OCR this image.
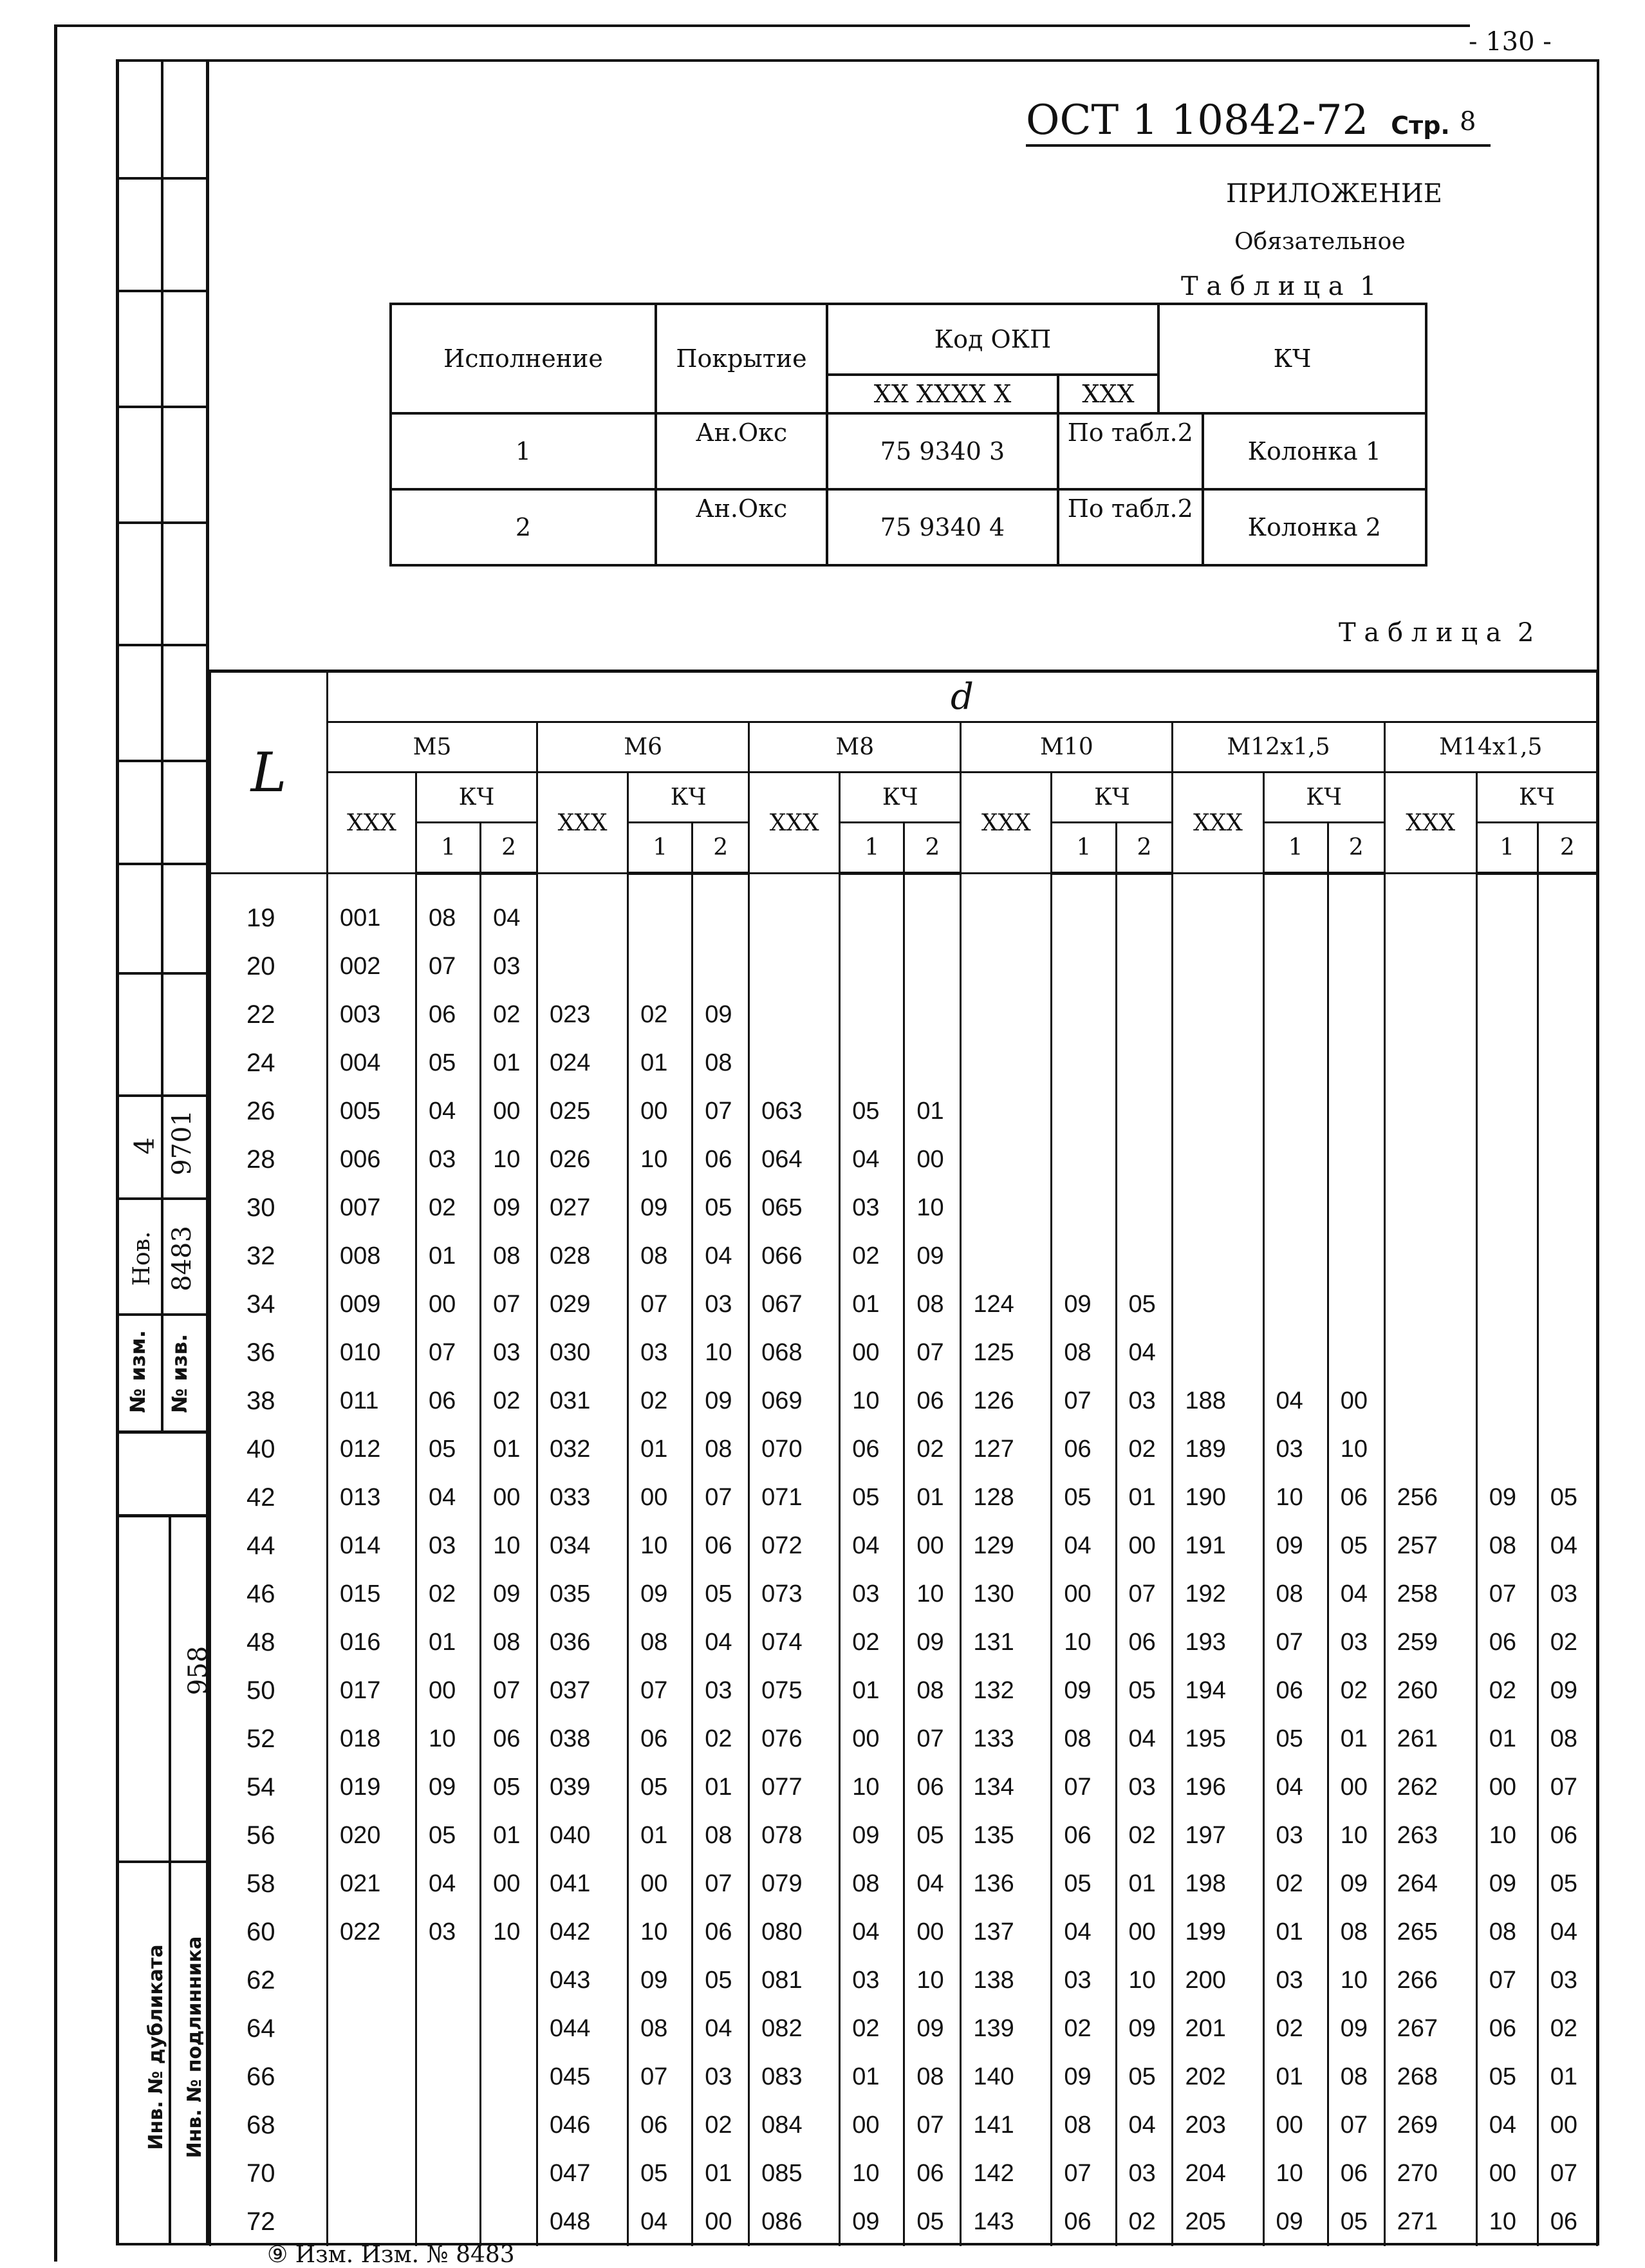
4 9701
Нов. 8483
№ изм. № изв.
958
Инв. № дубликата Инв. № подлинника
- 130 -
ОСТ 1 10842-72 Стр. 8
ПРИЛОЖЕНИЕ
Обязательное
Т а б л и ц а  1
Исполнение	Покрытие	Код ОКП		КЧ	
		XX XXXX X	XXX		
1	Ан.Окс	75 9340 3	По табл.2		Колонка 1
2	Ан.Окс	75 9340 4	По табл.2		Колонка 2
Т а б л и ц а  2
L	d																	
	M5			M6			M8			M10			M12x1,5			M14x1,5		
	XXX	КЧ		XXX	КЧ		XXX	КЧ		XXX	КЧ		XXX	КЧ		XXX	КЧ	
		1	2		1	2		1	2		1	2		1	2		1	2
19	001	08	04															
20	002	07	03															
22	003	06	02	023	02	09												
24	004	05	01	024	01	08												
26	005	04	00	025	00	07	063	05	01									
28	006	03	10	026	10	06	064	04	00									
30	007	02	09	027	09	05	065	03	10									
32	008	01	08	028	08	04	066	02	09									
34	009	00	07	029	07	03	067	01	08	124	09	05						
36	010	07	03	030	03	10	068	00	07	125	08	04						
38	011	06	02	031	02	09	069	10	06	126	07	03	188	04	00			
40	012	05	01	032	01	08	070	06	02	127	06	02	189	03	10			
42	013	04	00	033	00	07	071	05	01	128	05	01	190	10	06	256	09	05
44	014	03	10	034	10	06	072	04	00	129	04	00	191	09	05	257	08	04
46	015	02	09	035	09	05	073	03	10	130	00	07	192	08	04	258	07	03
48	016	01	08	036	08	04	074	02	09	131	10	06	193	07	03	259	06	02
50	017	00	07	037	07	03	075	01	08	132	09	05	194	06	02	260	02	09
52	018	10	06	038	06	02	076	00	07	133	08	04	195	05	01	261	01	08
54	019	09	05	039	05	01	077	10	06	134	07	03	196	04	00	262	00	07
56	020	05	01	040	01	08	078	09	05	135	06	02	197	03	10	263	10	06
58	021	04	00	041	00	07	079	08	04	136	05	01	198	02	09	264	09	05
60	022	03	10	042	10	06	080	04	00	137	04	00	199	01	08	265	08	04
62				043	09	05	081	03	10	138	03	10	200	03	10	266	07	03
64				044	08	04	082	02	09	139	02	09	201	02	09	267	06	02
66				045	07	03	083	01	08	140	09	05	202	01	08	268	05	01
68				046	06	02	084	00	07	141	08	04	203	00	07	269	04	00
70				047	05	01	085	10	06	142	07	03	204	10	06	270	00	07
72				048	04	00	086	09	05	143	06	02	205	09	05	271	10	06
⑨ Изм. Изм. № 8483
